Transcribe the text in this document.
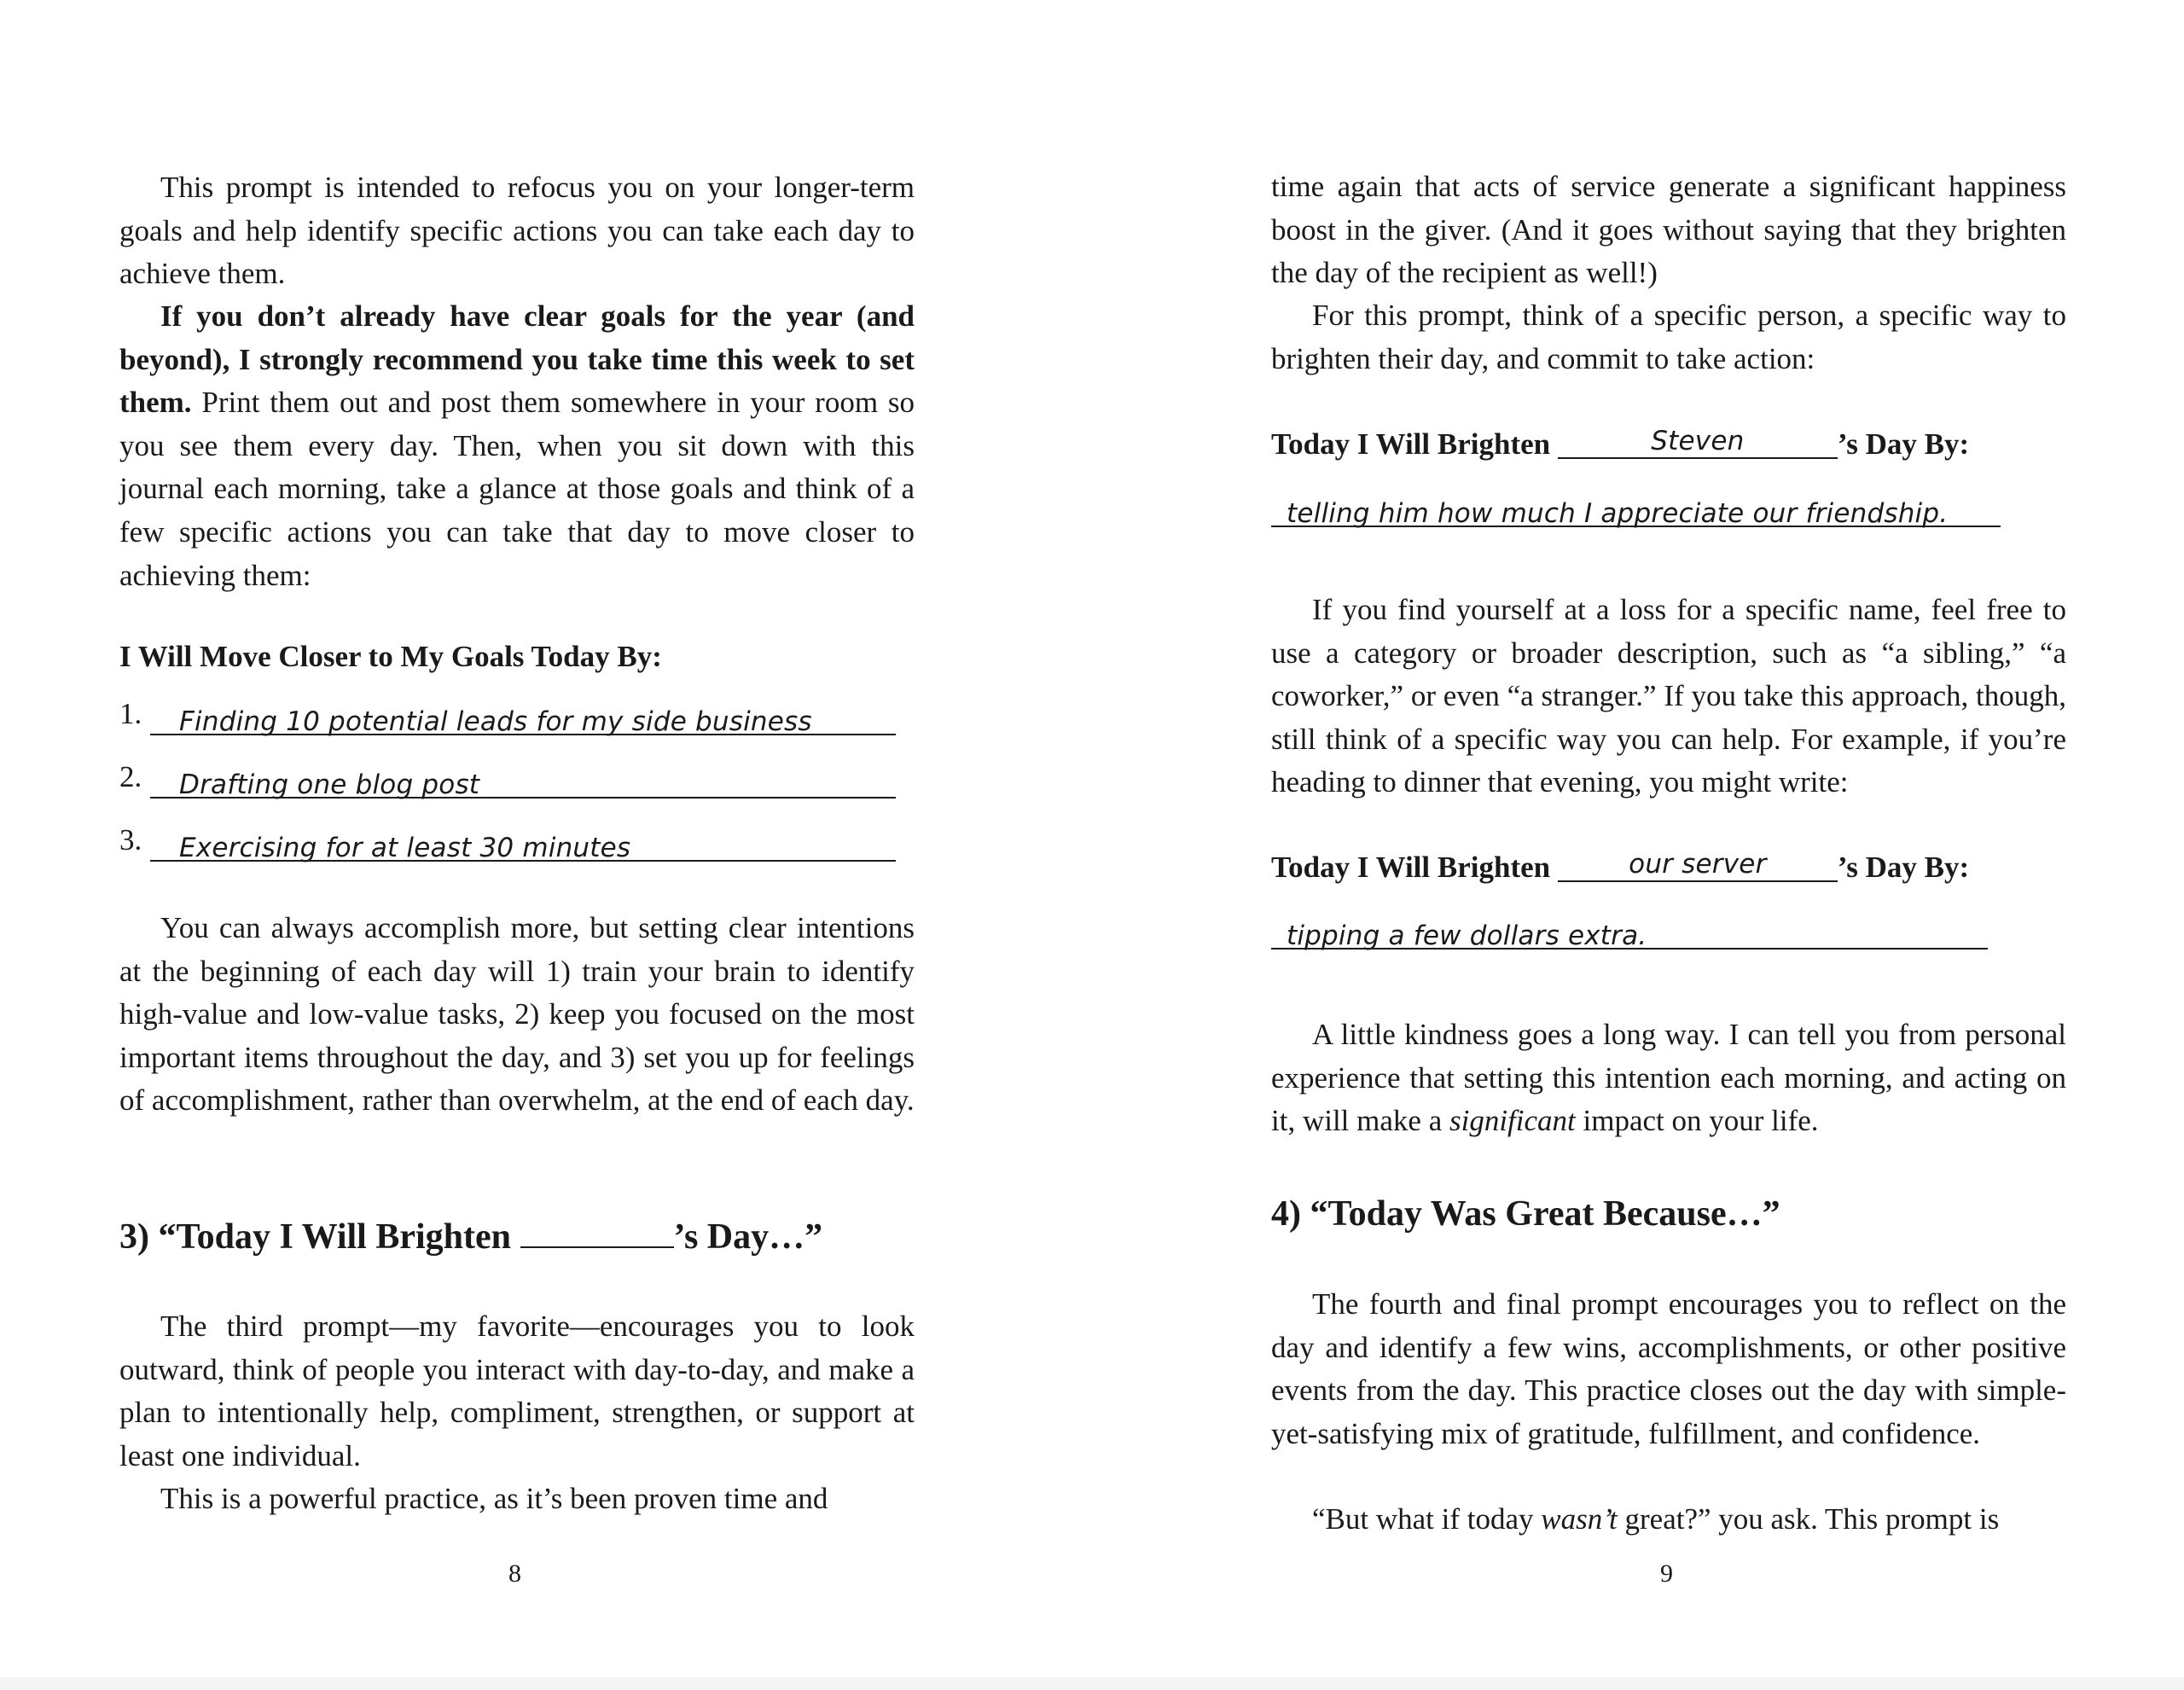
This prompt is intended to refocus you on your longer-term goals and help identify specific actions you can take each day to achieve them.

If you don’t already have clear goals for the year (and beyond), I strongly recommend you take time this week to set them. Print them out and post them somewhere in your room so you see them every day. Then, when you sit down with this journal each morning, take a glance at those goals and think of a few specific actions you can take that day to move closer to achieving them:

I Will Move Closer to My Goals Today By:

1. Finding 10 potential leads for my side business
2. Drafting one blog post
3. Exercising for at least 30 minutes

You can always accomplish more, but setting clear intentions at the beginning of each day will 1) train your brain to identify high-value and low-value tasks, 2) keep you focused on the most important items throughout the day, and 3) set you up for feelings of accomplishment, rather than overwhelm, at the end of each day.

3) “Today I Will Brighten	’s Day…”

The third prompt—my favorite—encourages you to look outward, think of people you interact with day-to-day, and make a plan to intentionally help, compliment, strengthen, or support at least one individual.

This is a powerful practice, as it’s been proven time and

8

time again that acts of service generate a significant happiness boost in the giver. (And it goes without saying that they brighten the day of the recipient as well!)

For this prompt, think of a specific person, a specific way to brighten their day, and commit to take action:

Today I Will Brighten	Steven	’s Day By:

telling him how much I appreciate our friendship.

If you find yourself at a loss for a specific name, feel free to use a category or broader description, such as “a sibling,” “a coworker,” or even “a stranger.” If you take this approach, though, still think of a specific way you can help. For example, if you’re heading to dinner that evening, you might write:

Today I Will Brighten	our server	’s Day By:

tipping a few dollars extra.

A little kindness goes a long way. I can tell you from personal experience that setting this intention each morning, and acting on it, will make a significant impact on your life.

4) “Today Was Great Because…”

The fourth and final prompt encourages you to reflect on the day and identify a few wins, accomplishments, or other positive events from the day. This practice closes out the day with simple-yet-satisfying mix of gratitude, fulfillment, and confidence.

“But what if today wasn’t great?” you ask. This prompt is

9
